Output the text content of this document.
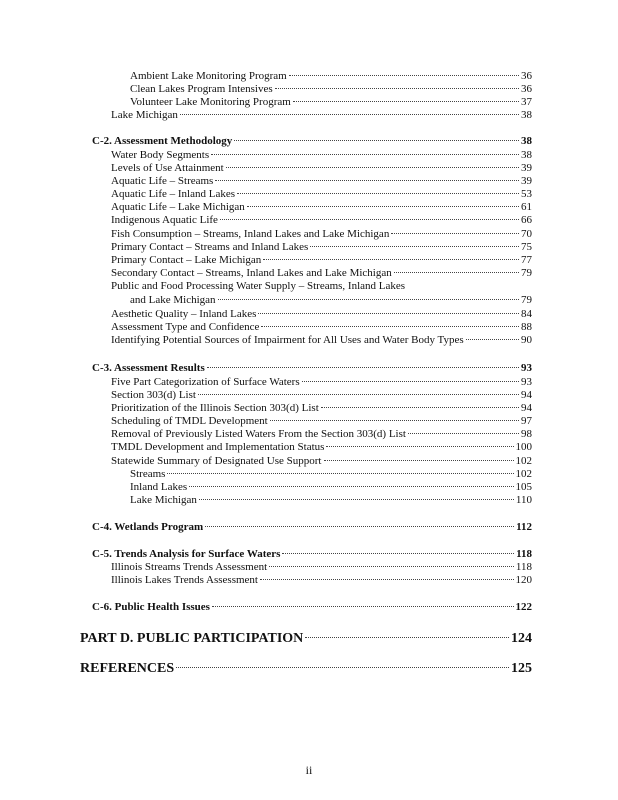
Ambient Lake Monitoring Program	36
Clean Lakes Program Intensives	36
Volunteer Lake Monitoring Program	37
Lake Michigan	38
C-2. Assessment Methodology	38
Water Body Segments	38
Levels of Use Attainment	39
Aquatic Life – Streams	39
Aquatic Life – Inland Lakes	53
Aquatic Life – Lake Michigan	61
Indigenous Aquatic Life	66
Fish Consumption – Streams, Inland Lakes and Lake Michigan	70
Primary Contact – Streams and Inland Lakes	75
Primary Contact – Lake Michigan	77
Secondary Contact – Streams, Inland Lakes and Lake Michigan	79
Public and Food Processing Water Supply – Streams, Inland Lakes
and Lake Michigan	79
Aesthetic Quality – Inland Lakes	84
Assessment Type and Confidence	88
Identifying Potential Sources of Impairment for All Uses and Water Body Types	90
C-3. Assessment Results	93
Five Part Categorization of Surface Waters	93
Section 303(d) List	94
Prioritization of the Illinois Section 303(d) List	94
Scheduling of TMDL Development	97
Removal of Previously Listed Waters From the Section 303(d) List	98
TMDL Development and Implementation Status	100
Statewide Summary of Designated Use Support	102
Streams	102
Inland Lakes	105
Lake Michigan	110
C-4. Wetlands Program	112
C-5. Trends Analysis for Surface Waters	118
Illinois Streams Trends Assessment	118
Illinois Lakes Trends Assessment	120
C-6. Public Health Issues	122
PART D. PUBLIC PARTICIPATION	124
REFERENCES	125
ii
